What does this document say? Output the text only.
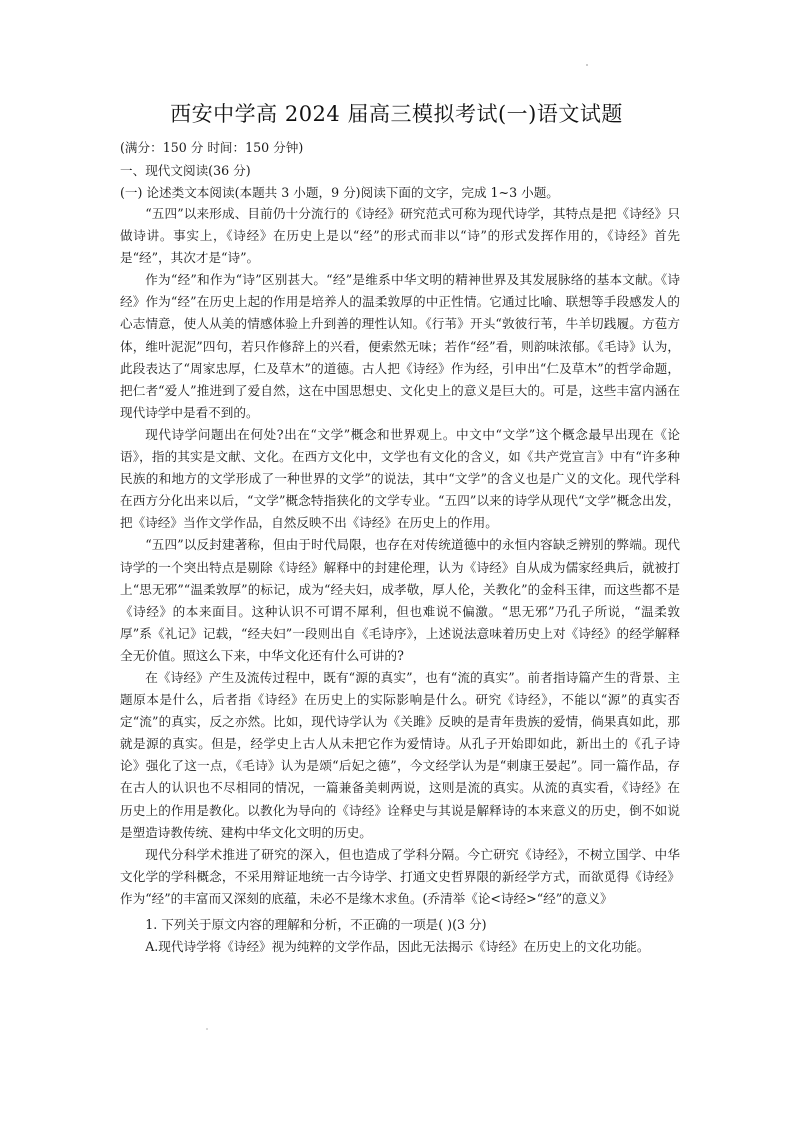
西安中学高 2024 届高三模拟考试(一)语文试题
(满分：150 分 时间：150 分钟)
一、现代文阅读(36 分)
(一) 论述类文本阅读(本题共 3 小题，9 分)阅读下面的文字，完成 1~3 小题。

“五四”以来形成、目前仍十分流行的《诗经》研究范式可称为现代诗学，其特点是把《诗经》只做诗讲。事实上，《诗经》在历史上是以“经”的形式而非以“诗”的形式发挥作用的，《诗经》首先是“经”，其次才是“诗”。

作为“经”和作为“诗”区别甚大。“经”是维系中华文明的精神世界及其发展脉络的基本文献。《诗经》作为“经”在历史上起的作用是培养人的温柔敦厚的中正性情。它通过比喻、联想等手段感发人的心志情意，使人从美的情感体验上升到善的理性认知。《行苇》开头“敦彼行苇，牛羊切践履。方苞方体，维叶泥泥”四句，若只作修辞上的兴看，便索然无味；若作“经”看，则韵味浓郁。《毛诗》认为，此段表达了“周家忠厚，仁及草木”的道德。古人把《诗经》作为经，引申出“仁及草木”的哲学命题，把仁者“爱人”推进到了爱自然，这在中国思想史、文化史上的意义是巨大的。可是，这些丰富内涵在现代诗学中是看不到的。

现代诗学问题出在何处?出在“文学”概念和世界观上。中文中“文学”这个概念最早出现在《论语》，指的其实是文献、文化。在西方文化中，文学也有文化的含义，如《共产党宣言》中有“许多种民族的和地方的文学形成了一种世界的文学”的说法，其中“文学”的含义也是广义的文化。现代学科在西方分化出来以后，“文学”概念特指狭化的文学专业。“五四”以来的诗学从现代“文学”概念出发，把《诗经》当作文学作品，自然反映不出《诗经》在历史上的作用。

“五四”以反封建著称，但由于时代局限，也存在对传统道德中的永恒内容缺乏辨别的弊端。现代诗学的一个突出特点是剔除《诗经》解释中的封建伦理，认为《诗经》自从成为儒家经典后，就被打上“思无邪”“温柔敦厚”的标记，成为“经夫妇，成孝敬，厚人伦，关教化”的金科玉律，而这些都不是《诗经》的本来面目。这种认识不可谓不犀利，但也难说不偏激。“思无邪”乃孔子所说，“温柔敦厚”系《礼记》记载，“经夫妇”一段则出自《毛诗序》，上述说法意味着历史上对《诗经》的经学解释全无价值。照这么下来，中华文化还有什么可讲的?

在《诗经》产生及流传过程中，既有“源的真实”，也有“流的真实”。前者指诗篇产生的背景、主题原本是什么，后者指《诗经》在历史上的实际影响是什么。研究《诗经》，不能以“源”的真实否定“流”的真实，反之亦然。比如，现代诗学认为《关雎》反映的是青年贵族的爱情，倘果真如此，那就是源的真实。但是，经学史上古人从未把它作为爱情诗。从孔子开始即如此，新出土的《孔子诗论》强化了这一点，《毛诗》认为是颂“后妃之德”，今文经学认为是“刺康王晏起”。同一篇作品，存在古人的认识也不尽相同的情况，一篇兼备美刺两说，这则是流的真实。从流的真实看，《诗经》在历史上的作用是教化。以教化为导向的《诗经》诠释史与其说是解释诗的本来意义的历史，倒不如说是塑造诗教传统、建构中华文化文明的历史。

现代分科学术推进了研究的深入，但也造成了学科分隔。今亡研究《诗经》，不树立国学、中华文化学的学科概念，不采用辩证地统一古今诗学、打通文史哲界限的新经学方式，而欲觅得《诗经》作为“经”的丰富而又深刻的底蕴，未必不是缘木求鱼。(乔清举《论<诗经>“经”的意义》

1. 下列关于原文内容的理解和分析，不正确的一项是( )(3 分)

A.现代诗学将《诗经》视为纯粹的文学作品，因此无法揭示《诗经》在历史上的文化功能。
